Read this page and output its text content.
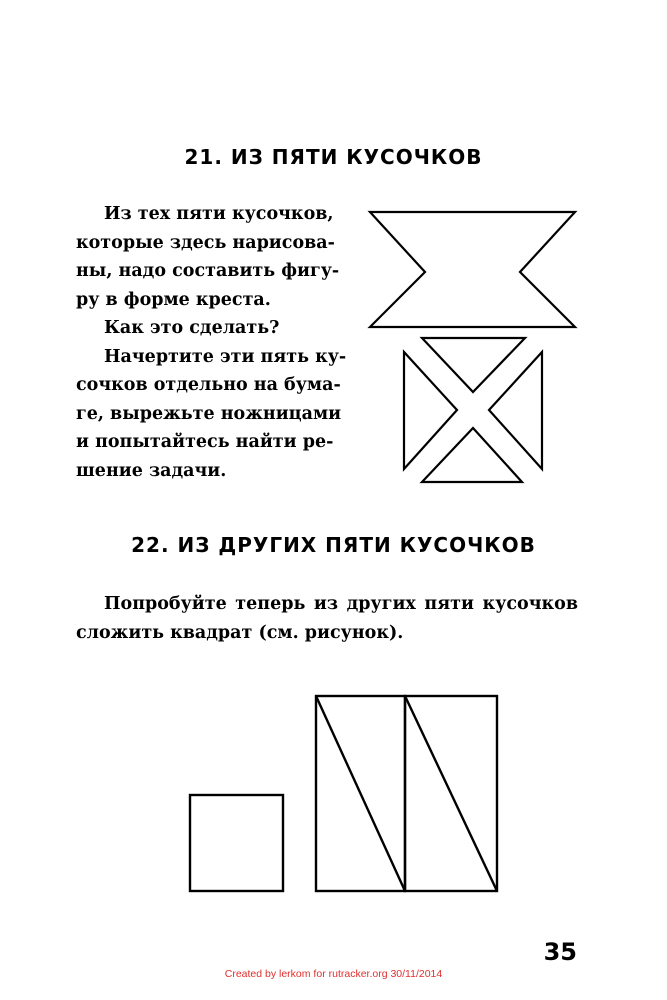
21. ИЗ ПЯТИ КУСОЧКОВ
Из тех пяти кусочков,
которые здесь нарисова-
ны, надо составить фигу-
ру в форме креста.
Как это сделать?
Начертите эти пять ку-
сочков отдельно на бума-
ге, вырежьте ножницами
и попытайтесь найти ре-
шение задачи.
22. ИЗ ДРУГИХ ПЯТИ КУСОЧКОВ
Попробуйте теперь из других пяти кусочков
сложить квадрат (см. рисунок).
35
Created by lerkom for rutracker.org 30/11/2014
